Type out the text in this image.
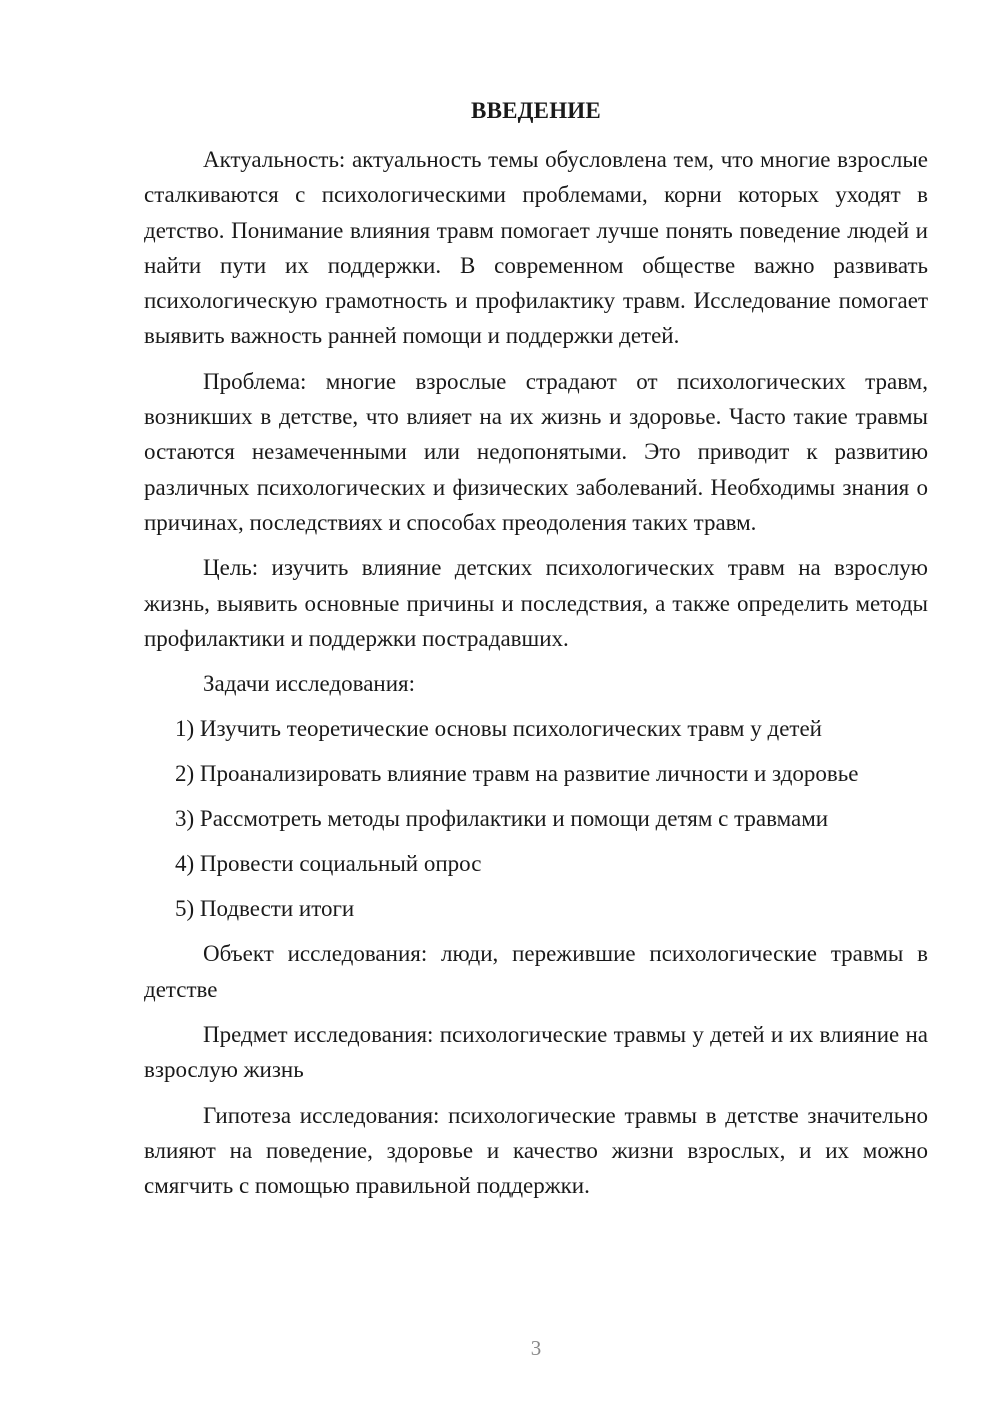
ВВЕДЕНИЕ

Актуальность: актуальность темы обусловлена тем, что многие взрослые сталкиваются с психологическими проблемами, корни которых уходят в детство. Понимание влияния травм помогает лучше понять поведение людей и найти пути их поддержки. В современном обществе важно развивать психологическую грамотность и профилактику травм. Исследование помогает выявить важность ранней помощи и поддержки детей.

Проблема: многие взрослые страдают от психологических травм, возникших в детстве, что влияет на их жизнь и здоровье. Часто такие травмы остаются незамеченными или недопонятыми. Это приводит к развитию различных психологических и физических заболеваний. Необходимы знания о причинах, последствиях и способах преодоления таких травм.

Цель: изучить влияние детских психологических травм на взрослую жизнь, выявить основные причины и последствия, а также определить методы профилактики и поддержки пострадавших.

Задачи исследования:

1) Изучить теоретические основы психологических травм у детей
2) Проанализировать влияние травм на развитие личности и здоровье
3) Рассмотреть методы профилактики и помощи детям с травмами
4) Провести социальный опрос
5) Подвести итоги

Объект исследования: люди, пережившие психологические травмы в детстве

Предмет исследования: психологические травмы у детей и их влияние на взрослую жизнь

Гипотеза исследования: психологические травмы в детстве значительно влияют на поведение, здоровье и качество жизни взрослых, и их можно смягчить с помощью правильной поддержки.

3
